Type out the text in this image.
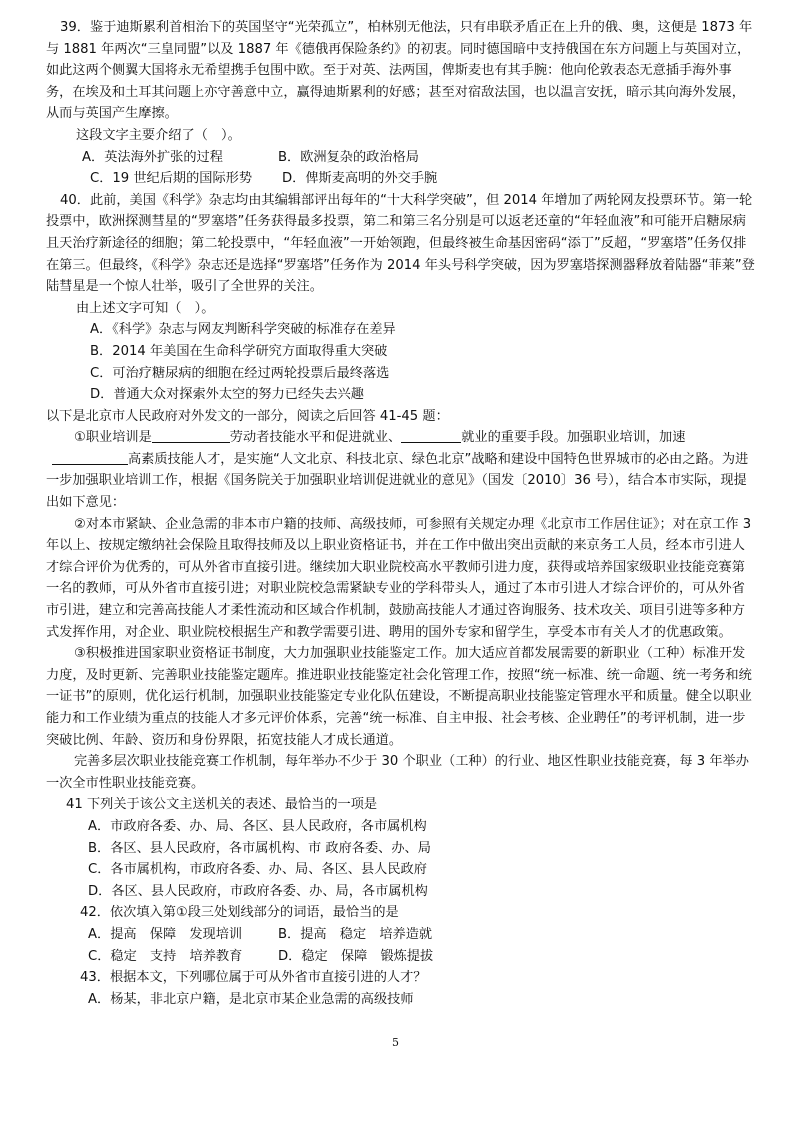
39．鉴于迪斯累利首相治下的英国坚守“光荣孤立”，柏林别无他法，只有串联矛盾正在上升的俄、奥，这便是 1873 年与 1881 年两次“三皇同盟”以及 1887 年《德俄再保险条约》的初衷。同时德国暗中支持俄国在东方问题上与英国对立，如此这两个侧翼大国将永无希望携手包围中欧。至于对英、法两国，俾斯麦也有其手腕：他向伦敦表态无意插手海外事务，在埃及和土耳其问题上亦守善意中立，赢得迪斯累利的好感；甚至对宿敌法国，也以温言安抚，暗示其向海外发展，从而与英国产生摩擦。

这段文字主要介绍了（　）。

A．英法海外扩张的过程	B．欧洲复杂的政治格局
C．19 世纪后期的国际形势	D．俾斯麦高明的外交手腕

40．此前，美国《科学》杂志均由其编辑部评出每年的“十大科学突破”，但 2014 年增加了两轮网友投票环节。第一轮投票中，欧洲探测彗星的“罗塞塔”任务获得最多投票，第二和第三名分别是可以返老还童的“年轻血液”和可能开启糖尿病且天治疗新途径的细胞；第二轮投票中，“年轻血液”一开始领跑，但最终被生命基因密码“添丁”反超，“罗塞塔”任务仅排在第三。但最终，《科学》杂志还是选择“罗塞塔”任务作为 2014 年头号科学突破，因为罗塞塔探测器释放着陆器“菲莱”登陆彗星是一个惊人壮举，吸引了全世界的关注。

由上述文字可知（　）。

A．《科学》杂志与网友判断科学突破的标准存在差异

B．2014 年美国在生命科学研究方面取得重大突破

C．可治疗糖尿病的细胞在经过两轮投票后最终落选

D．普通大众对探索外太空的努力已经失去兴趣

以下是北京市人民政府对外发文的一部分，阅读之后回答 41-45 题：

①职业培训是	劳动者技能水平和促进就业、	就业的重要手段。加强职业培训，加速高素质技能人才，是实施“人文北京、科技北京、绿色北京”战略和建设中国特色世界城市的必由之路。为进一步加强职业培训工作，根据《国务院关于加强职业培训促进就业的意见》（国发〔2010〕36 号），结合本市实际，现提出如下意见：

②对本市紧缺、企业急需的非本市户籍的技师、高级技师，可参照有关规定办理《北京市工作居住证》；对在京工作 3 年以上、按规定缴纳社会保险且取得技师及以上职业资格证书，并在工作中做出突出贡献的来京务工人员，经本市引进人才综合评价为优秀的，可从外省市直接引进。继续加大职业院校高水平教师引进力度，获得或培养国家级职业技能竞赛第一名的教师，可从外省市直接引进；对职业院校急需紧缺专业的学科带头人，通过了本市引进人才综合评价的，可从外省市引进，建立和完善高技能人才柔性流动和区域合作机制，鼓励高技能人才通过咨询服务、技术攻关、项目引进等多种方式发挥作用，对企业、职业院校根据生产和教学需要引进、聘用的国外专家和留学生，享受本市有关人才的优惠政策。

③积极推进国家职业资格证书制度，大力加强职业技能鉴定工作。加大适应首都发展需要的新职业（工种）标准开发力度，及时更新、完善职业技能鉴定题库。推进职业技能鉴定社会化管理工作，按照“统一标准、统一命题、统一考务和统一证书”的原则，优化运行机制，加强职业技能鉴定专业化队伍建设，不断提高职业技能鉴定管理水平和质量。健全以职业能力和工作业绩为重点的技能人才多元评价体系，完善“统一标准、自主申报、社会考核、企业聘任”的考评机制，进一步突破比例、年龄、资历和身份界限，拓宽技能人才成长通道。

完善多层次职业技能竞赛工作机制，每年举办不少于 30 个职业（工种）的行业、地区性职业技能竞赛，每 3 年举办一次全市性职业技能竞赛。

41 下列关于该公文主送机关的表述、最恰当的一项是

A．市政府各委、办、局、各区、县人民政府，各市属机构

B．各区、县人民政府，各市属机构、市 政府各委、办、局

C．各市属机构，市政府各委、办、局、各区、县人民政府

D．各区、县人民政府，市政府各委、办、局，各市属机构

42．依次填入第①段三处划线部分的词语，最恰当的是

A．提高　保障　发现培训	B．提高　稳定　培养造就
C．稳定　支持　培养教育	D．稳定　保障　锻炼提拔

43．根据本文，下列哪位属于可从外省市直接引进的人才？

A．杨某，非北京户籍，是北京市某企业急需的高级技师

5
